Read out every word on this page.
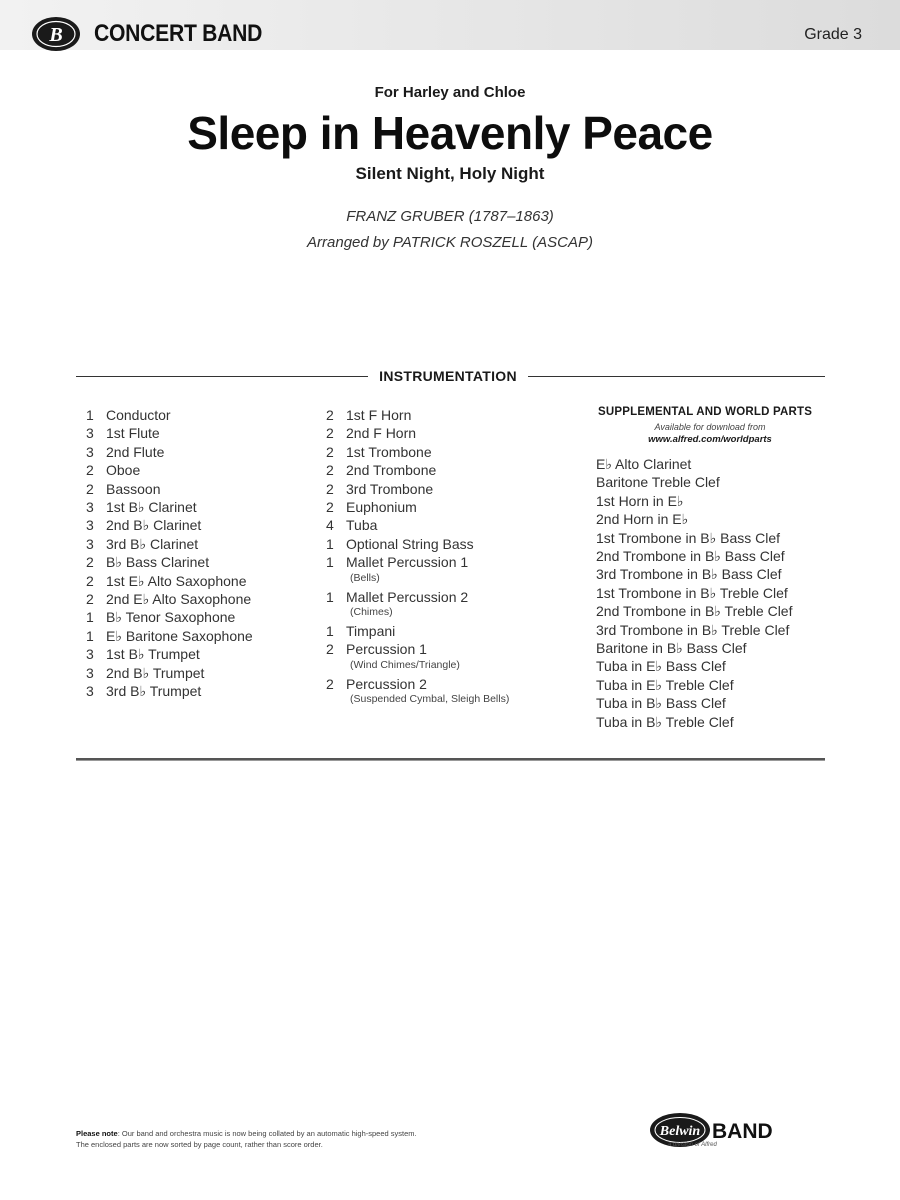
B CONCERT BAND	Grade 3
For Harley and Chloe
Sleep in Heavenly Peace
Silent Night, Holy Night
FRANZ GRUBER (1787–1863)
Arranged by PATRICK ROSZELL (ASCAP)
INSTRUMENTATION
1 Conductor
3 1st Flute
3 2nd Flute
2 Oboe
2 Bassoon
3 1st B♭ Clarinet
3 2nd B♭ Clarinet
3 3rd B♭ Clarinet
2 B♭ Bass Clarinet
2 1st E♭ Alto Saxophone
2 2nd E♭ Alto Saxophone
1 B♭ Tenor Saxophone
1 E♭ Baritone Saxophone
3 1st B♭ Trumpet
3 2nd B♭ Trumpet
3 3rd B♭ Trumpet
2 1st F Horn
2 2nd F Horn
2 1st Trombone
2 2nd Trombone
2 3rd Trombone
2 Euphonium
4 Tuba
1 Optional String Bass
1 Mallet Percussion 1
(Bells)
1 Mallet Percussion 2
(Chimes)
1 Timpani
2 Percussion 1
(Wind Chimes/Triangle)
2 Percussion 2
(Suspended Cymbal, Sleigh Bells)
SUPPLEMENTAL AND WORLD PARTS
Available for download from
www.alfred.com/worldparts
E♭ Alto Clarinet
Baritone Treble Clef
1st Horn in E♭
2nd Horn in E♭
1st Trombone in B♭ Bass Clef
2nd Trombone in B♭ Bass Clef
3rd Trombone in B♭ Bass Clef
1st Trombone in B♭ Treble Clef
2nd Trombone in B♭ Treble Clef
3rd Trombone in B♭ Treble Clef
Baritone in B♭ Bass Clef
Tuba in E♭ Bass Clef
Tuba in E♭ Treble Clef
Tuba in B♭ Bass Clef
Tuba in B♭ Treble Clef
Please note: Our band and orchestra music is now being collated by an automatic high-speed system.
The enclosed parts are now sorted by page count, rather than score order.
Belwin BAND
a division of Alfred
